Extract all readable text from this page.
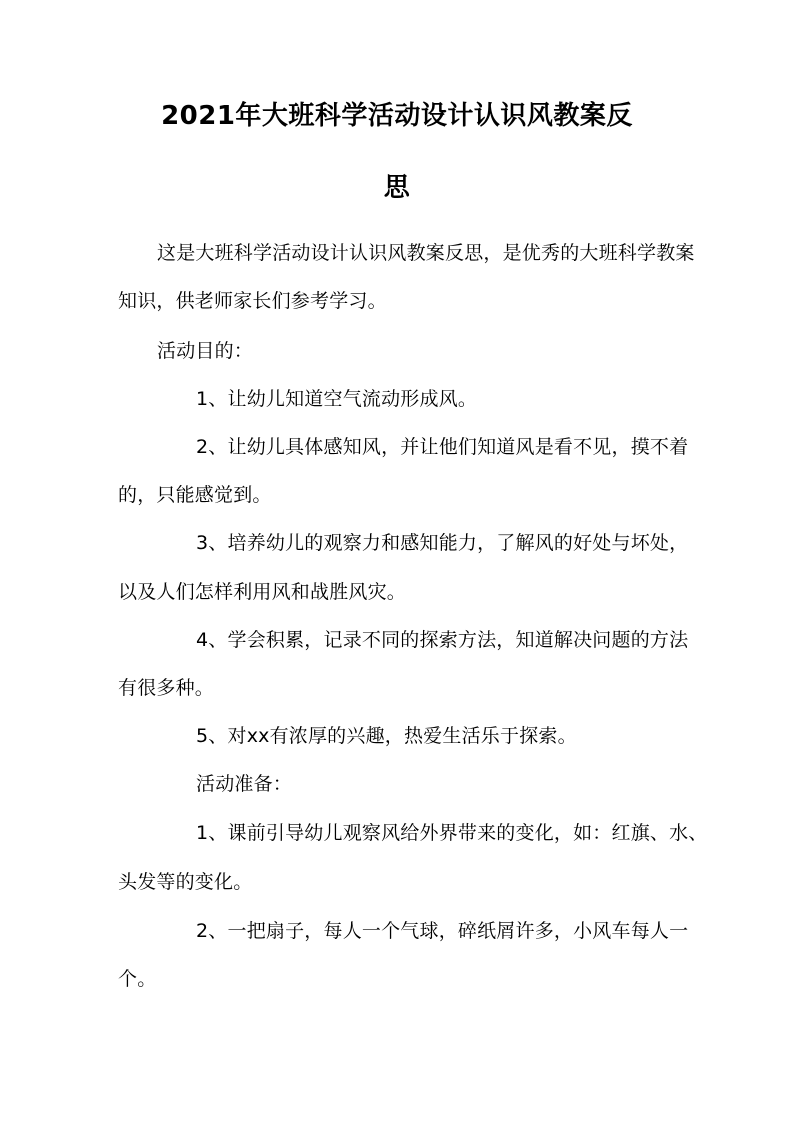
2021年大班科学活动设计认识风教案反
思
这是大班科学活动设计认识风教案反思，是优秀的大班科学教案
知识，供老师家长们参考学习。
活动目的：
1、让幼儿知道空气流动形成风。
2、让幼儿具体感知风，并让他们知道风是看不见，摸不着
的，只能感觉到。
3、培养幼儿的观察力和感知能力，了解风的好处与坏处，
以及人们怎样利用风和战胜风灾。
4、学会积累，记录不同的探索方法，知道解决问题的方法
有很多种。
5、对xx有浓厚的兴趣，热爱生活乐于探索。
活动准备：
1、课前引导幼儿观察风给外界带来的变化，如：红旗、水、
头发等的变化。
2、一把扇子，每人一个气球，碎纸屑许多，小风车每人一
个。
